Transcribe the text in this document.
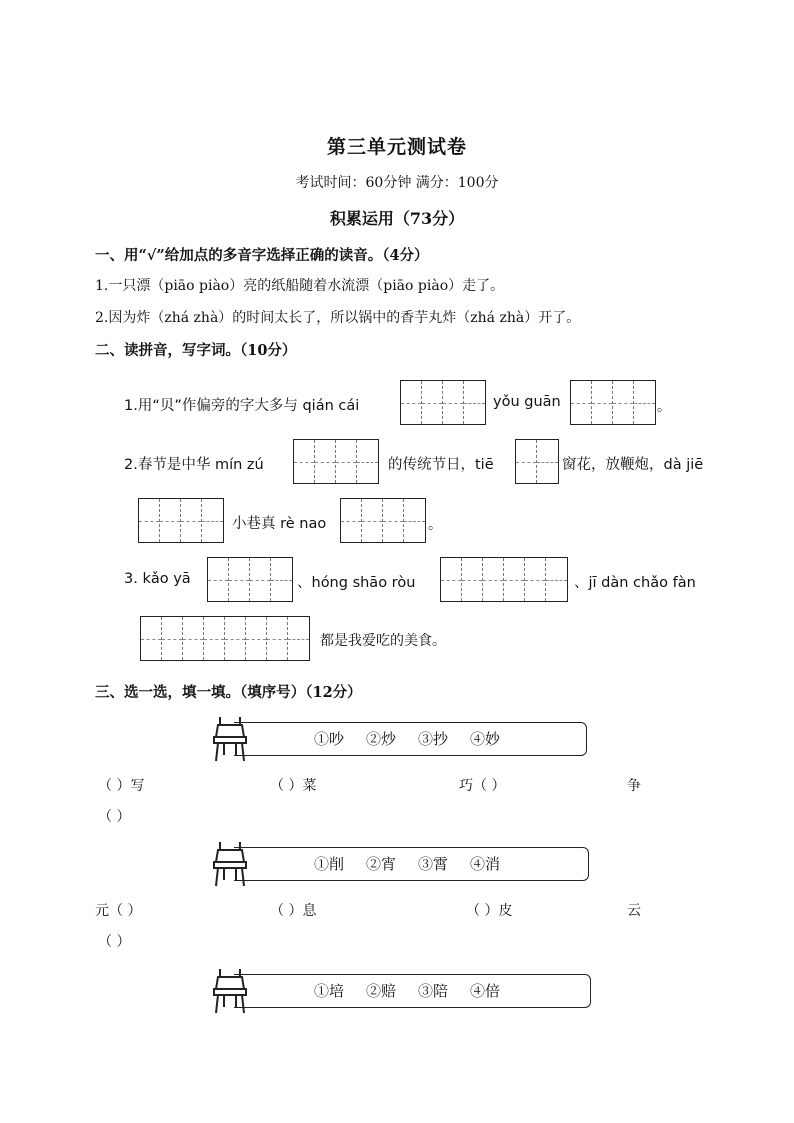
第三单元测试卷
考试时间：60分钟 满分：100分
积累运用（73分）
一、用“√”给加点的多音字选择正确的读音。（4分）
1.一只漂（piāo piào）亮的纸船随着水流漂（piāo piào）走了。
2.因为炸（zhá zhà）的时间太长了，所以锅中的香芋丸炸（zhá zhà）开了。
二、读拼音，写字词。（10分）
1.用“贝”作偏旁的字大多与 qián cái	yǒu guān	。
2.春节是中华 mín zú	的传统节日，tiē	窗花，放鞭炮，dà jiē
小巷真 rè nao	。
3. kǎo yā	、hóng shāo ròu	、jī dàn chǎo fàn
都是我爱吃的美食。
三、选一选，填一填。（填序号）（12分）
①吵 ②炒 ③抄 ④妙
（ ）写	（ ）菜	巧（ ）	争
（ ）
①削 ②宵 ③霄 ④消
元（ ）	（ ）息	（ ）皮	云
（ ）
①培 ②赔 ③陪 ④倍
